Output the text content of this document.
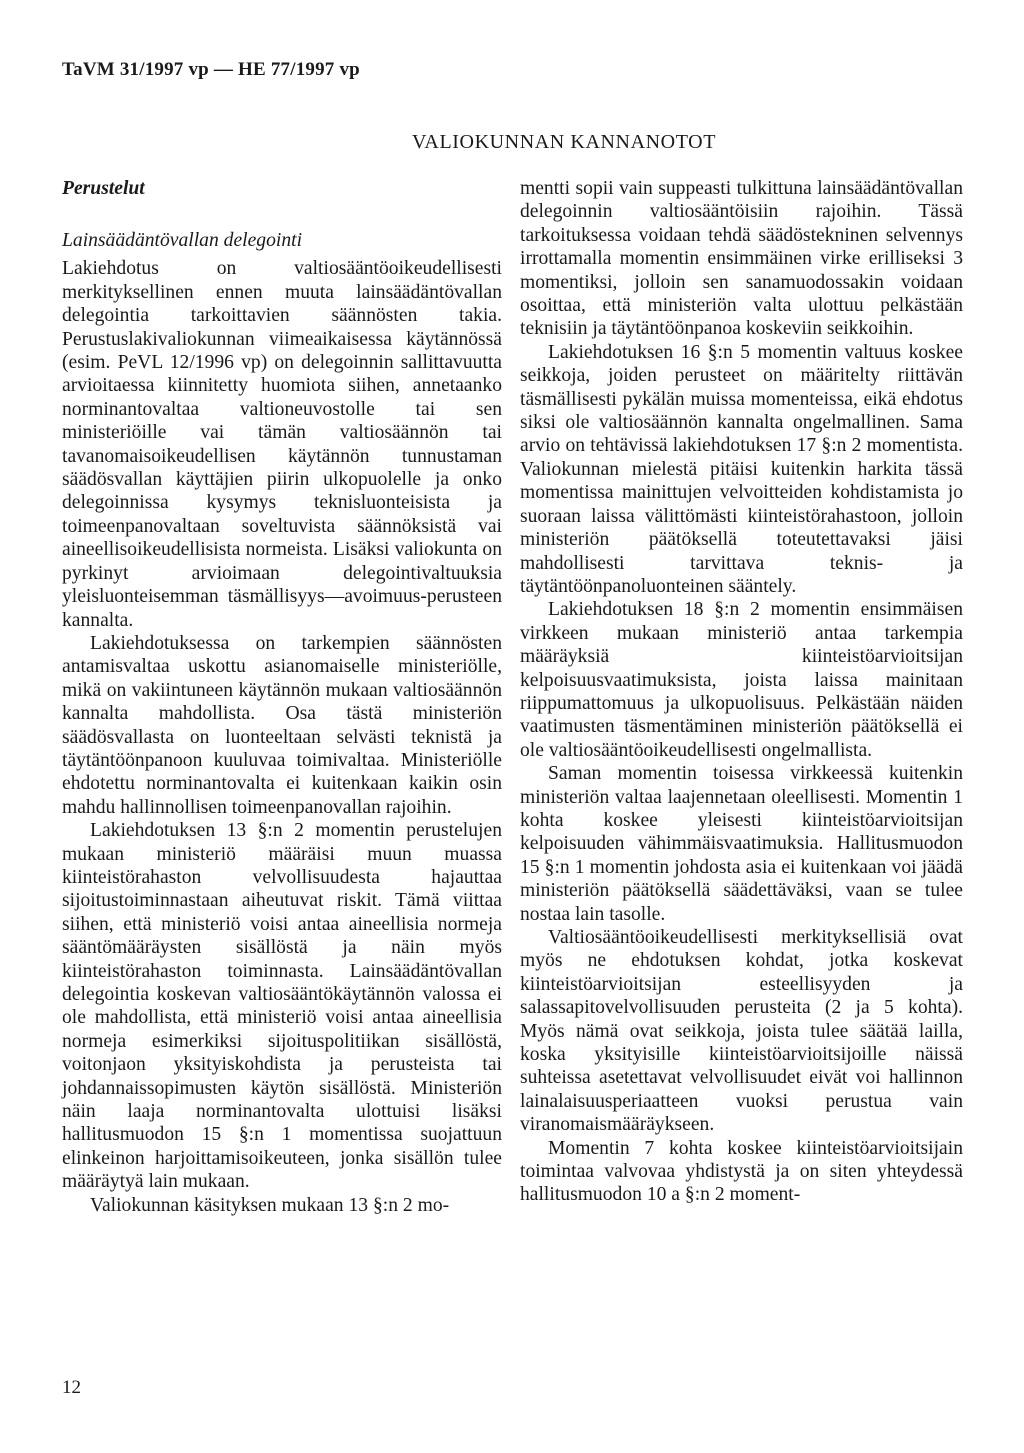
TaVM 31/1997 vp — HE 77/1997 vp
VALIOKUNNAN KANNANOTOT
Perustelut
Lainsäädäntövallan delegointi

Lakiehdotus on valtiosääntöoikeudellisesti merkityksellinen ennen muuta lainsäädäntövallan delegointia tarkoittavien säännösten takia. Perustuslakivaliokunnan viimeaikaisessa käytännössä (esim. PeVL 12/1996 vp) on delegoinnin sallittavuutta arvioitaessa kiinnitetty huomiota siihen, annetaanko norminantovaltaa valtioneuvostolle tai sen ministeriöille vai tämän valtiosäännön tai tavanomaisoikeudellisen käytännön tunnustaman säädösvallan käyttäjien piirin ulkopuolelle ja onko delegoinnissa kysymys teknisluonteisista ja toimeenpanovaltaan soveltuvista säännöksistä vai aineellisoikeudellisista normeista. Lisäksi valiokunta on pyrkinyt arvioimaan delegointivaltuuksia yleisluonteisemman täsmällisyys—avoimuus-perusteen kannalta.

Lakiehdotuksessa on tarkempien säännösten antamisvaltaa uskottu asianomaiselle ministeriölle, mikä on vakiintuneen käytännön mukaan valtiosäännön kannalta mahdollista. Osa tästä ministeriön säädösvallasta on luonteeltaan selvästi teknistä ja täytäntöönpanoon kuuluvaa toimivaltaa. Ministeriölle ehdotettu norminantovalta ei kuitenkaan kaikin osin mahdu hallinnollisen toimeenpanovallan rajoihin.

Lakiehdotuksen 13 §:n 2 momentin perustelujen mukaan ministeriö määräisi muun muassa kiinteistörahaston velvollisuudesta hajauttaa sijoitustoiminnastaan aiheutuvat riskit. Tämä viittaa siihen, että ministeriö voisi antaa aineellisia normeja sääntömääräysten sisällöstä ja näin myös kiinteistörahaston toiminnasta. Lainsäädäntövallan delegointia koskevan valtiosääntökäytännön valossa ei ole mahdollista, että ministeriö voisi antaa aineellisia normeja esimerkiksi sijoituspolitiikan sisällöstä, voitonjaon yksityiskohdista ja perusteista tai johdannaissopimusten käytön sisällöstä. Ministeriön näin laaja norminantovalta ulottuisi lisäksi hallitusmuodon 15 §:n 1 momentissa suojattuun elinkeinon harjoittamisoikeuteen, jonka sisällön tulee määräytyä lain mukaan.

Valiokunnan käsityksen mukaan 13 §:n 2 mo-

mentti sopii vain suppeasti tulkittuna lainsäädäntövallan delegoinnin valtiosääntöisiin rajoihin. Tässä tarkoituksessa voidaan tehdä säädöstekninen selvennys irrottamalla momentin ensimmäinen virke erilliseksi 3 momentiksi, jolloin sen sanamuodossakin voidaan osoittaa, että ministeriön valta ulottuu pelkästään teknisiin ja täytäntöönpanoa koskeviin seikkoihin.

Lakiehdotuksen 16 §:n 5 momentin valtuus koskee seikkoja, joiden perusteet on määritelty riittävän täsmällisesti pykälän muissa momenteissa, eikä ehdotus siksi ole valtiosäännön kannalta ongelmallinen. Sama arvio on tehtävissä lakiehdotuksen 17 §:n 2 momentista. Valiokunnan mielestä pitäisi kuitenkin harkita tässä momentissa mainittujen velvoitteiden kohdistamista jo suoraan laissa välittömästi kiinteistörahastoon, jolloin ministeriön päätöksellä toteutettavaksi jäisi mahdollisesti tarvittava teknis- ja täytäntöönpanoluonteinen sääntely.

Lakiehdotuksen 18 §:n 2 momentin ensimmäisen virkkeen mukaan ministeriö antaa tarkempia määräyksiä kiinteistöarvioitsijan kelpoisuusvaatimuksista, joista laissa mainitaan riippumattomuus ja ulkopuolisuus. Pelkästään näiden vaatimusten täsmentäminen ministeriön päätöksellä ei ole valtiosääntöoikeudellisesti ongelmallista.

Saman momentin toisessa virkkeessä kuitenkin ministeriön valtaa laajennetaan oleellisesti. Momentin 1 kohta koskee yleisesti kiinteistöarvioitsijan kelpoisuuden vähimmäisvaatimuksia. Hallitusmuodon 15 §:n 1 momentin johdosta asia ei kuitenkaan voi jäädä ministeriön päätöksellä säädettäväksi, vaan se tulee nostaa lain tasolle.

Valtiosääntöoikeudellisesti merkityksellisiä ovat myös ne ehdotuksen kohdat, jotka koskevat kiinteistöarvioitsijan esteellisyyden ja salassapitovelvollisuuden perusteita (2 ja 5 kohta). Myös nämä ovat seikkoja, joista tulee säätää lailla, koska yksityisille kiinteistöarvioitsijoille näissä suhteissa asetettavat velvollisuudet eivät voi hallinnon lainalaisuusperiaatteen vuoksi perustua vain viranomaismääräykseen.

Momentin 7 kohta koskee kiinteistöarvioitsijain toimintaa valvovaa yhdistystä ja on siten yhteydessä hallitusmuodon 10 a §:n 2 moment-

12
